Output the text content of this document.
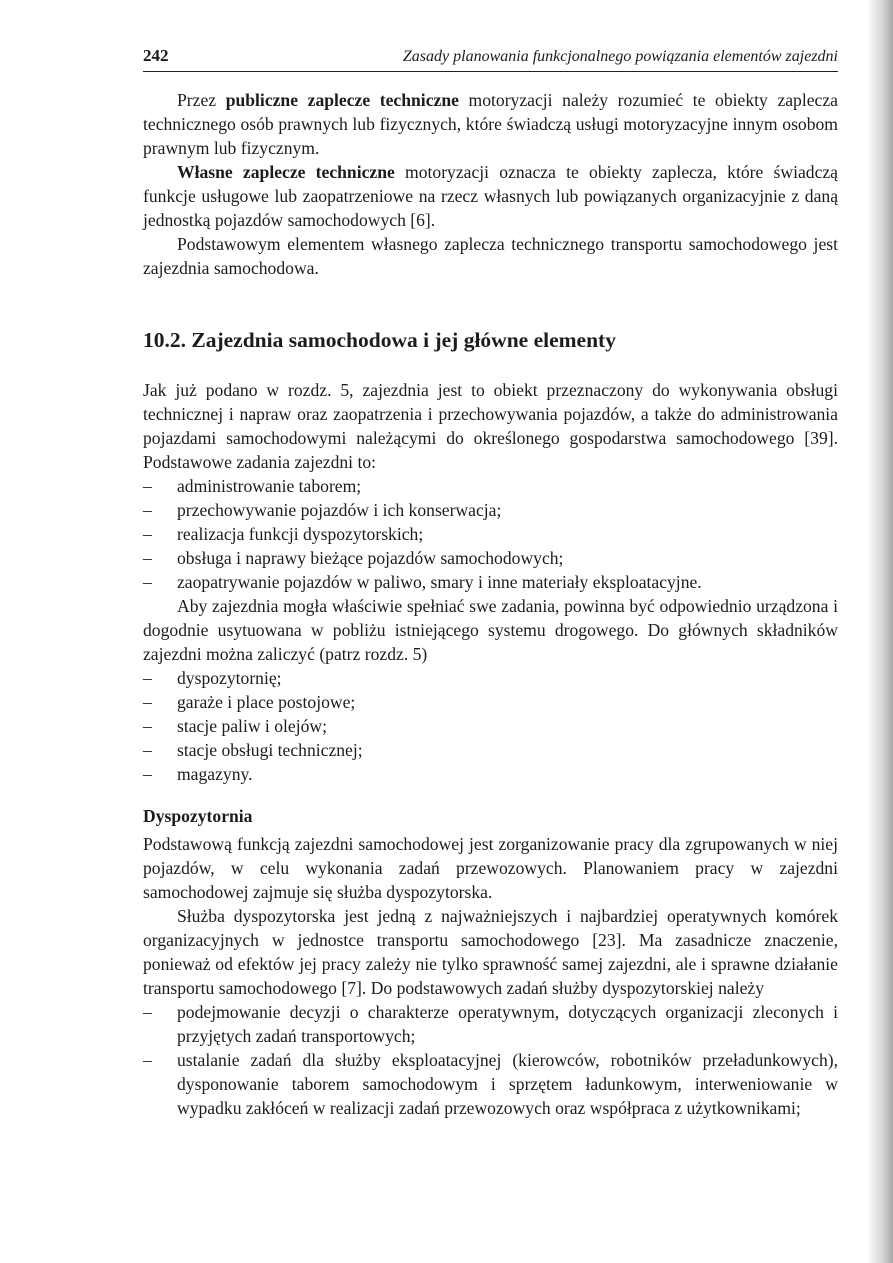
242	Zasady planowania funkcjonalnego powiązania elementów zajezdni

Przez publiczne zaplecze techniczne motoryzacji należy rozumieć te obiekty zaplecza technicznego osób prawnych lub fizycznych, które świadczą usługi motoryzacyjne innym osobom prawnym lub fizycznym.

Własne zaplecze techniczne motoryzacji oznacza te obiekty zaplecza, które świadczą funkcje usługowe lub zaopatrzeniowe na rzecz własnych lub powiązanych organizacyjnie z daną jednostką pojazdów samochodowych [6].

Podstawowym elementem własnego zaplecza technicznego transportu samochodowego jest zajezdnia samochodowa.

10.2. Zajezdnia samochodowa i jej główne elementy

Jak już podano w rozdz. 5, zajezdnia jest to obiekt przeznaczony do wykonywania obsługi technicznej i napraw oraz zaopatrzenia i przechowywania pojazdów, a także do administrowania pojazdami samochodowymi należącymi do określonego gospodarstwa samochodowego [39]. Podstawowe zadania zajezdni to:

– administrowanie taborem;
– przechowywanie pojazdów i ich konserwacja;
– realizacja funkcji dyspozytorskich;
– obsługa i naprawy bieżące pojazdów samochodowych;
– zaopatrywanie pojazdów w paliwo, smary i inne materiały eksploatacyjne.

Aby zajezdnia mogła właściwie spełniać swe zadania, powinna być odpowiednio urządzona i dogodnie usytuowana w pobliżu istniejącego systemu drogowego. Do głównych składników zajezdni można zaliczyć (patrz rozdz. 5)

– dyspozytornię;
– garaże i place postojowe;
– stacje paliw i olejów;
– stacje obsługi technicznej;
– magazyny.
Dyspozytornia

Podstawową funkcją zajezdni samochodowej jest zorganizowanie pracy dla zgrupowanych w niej pojazdów, w celu wykonania zadań przewozowych. Planowaniem pracy w zajezdni samochodowej zajmuje się służba dyspozytorska.

Służba dyspozytorska jest jedną z najważniejszych i najbardziej operatywnych komórek organizacyjnych w jednostce transportu samochodowego [23]. Ma zasadnicze znaczenie, ponieważ od efektów jej pracy zależy nie tylko sprawność samej zajezdni, ale i sprawne działanie transportu samochodowego [7]. Do podstawowych zadań służby dyspozytorskiej należy

– podejmowanie decyzji o charakterze operatywnym, dotyczących organizacji zleconych i przyjętych zadań transportowych;
– ustalanie zadań dla służby eksploatacyjnej (kierowców, robotników przeładunkowych), dysponowanie taborem samochodowym i sprzętem ładunkowym, interweniowanie w wypadku zakłóceń w realizacji zadań przewozowych oraz współpraca z użytkownikami;
